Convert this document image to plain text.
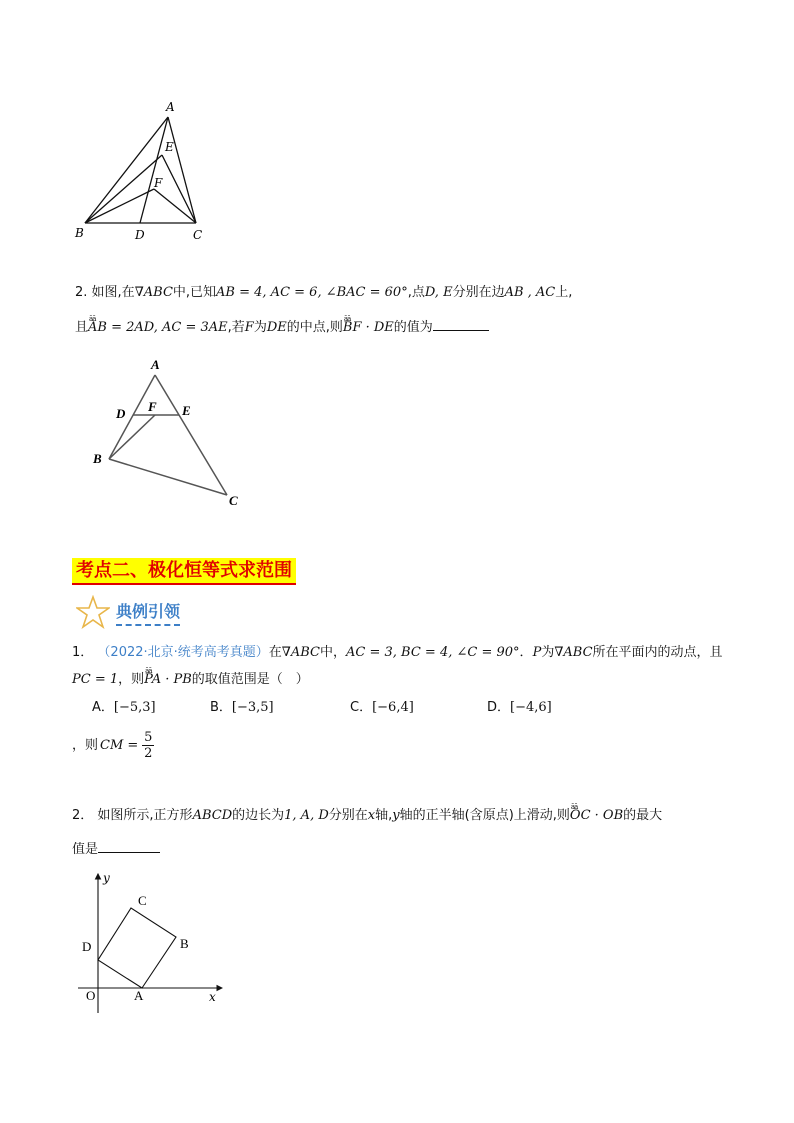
A
E
F
B	D	C
2. 如图,在∇ABC中,已知AB = 4, AC = 6, ∠BAC = 60°,点D, E分别在边AB , AC上,
且āā AB = 2AD, AC = 3AE,若F为DE的中点,则āā BF · DE的值为
A
D F E
B
C
考点二、极化恒等式求范围
典例引领
1． （2022·北京·统考高考真题）在∇ABC中，AC = 3, BC = 4, ∠C = 90°．P为∇ABC所在平面内的动点，且
PC = 1，则āā PA · PB的取值范围是（　）
A．[−5,3]	B．[−3,5]	C．[−6,4]	D．[−4,6]
，则 CM = 5
2
2． 如图所示,正方形ABCD的边长为1, A, D分别在x轴,y轴的正半轴(含原点)上滑动,则āā OC · OB的最大
值是
y
x
O	A
B
C
D
